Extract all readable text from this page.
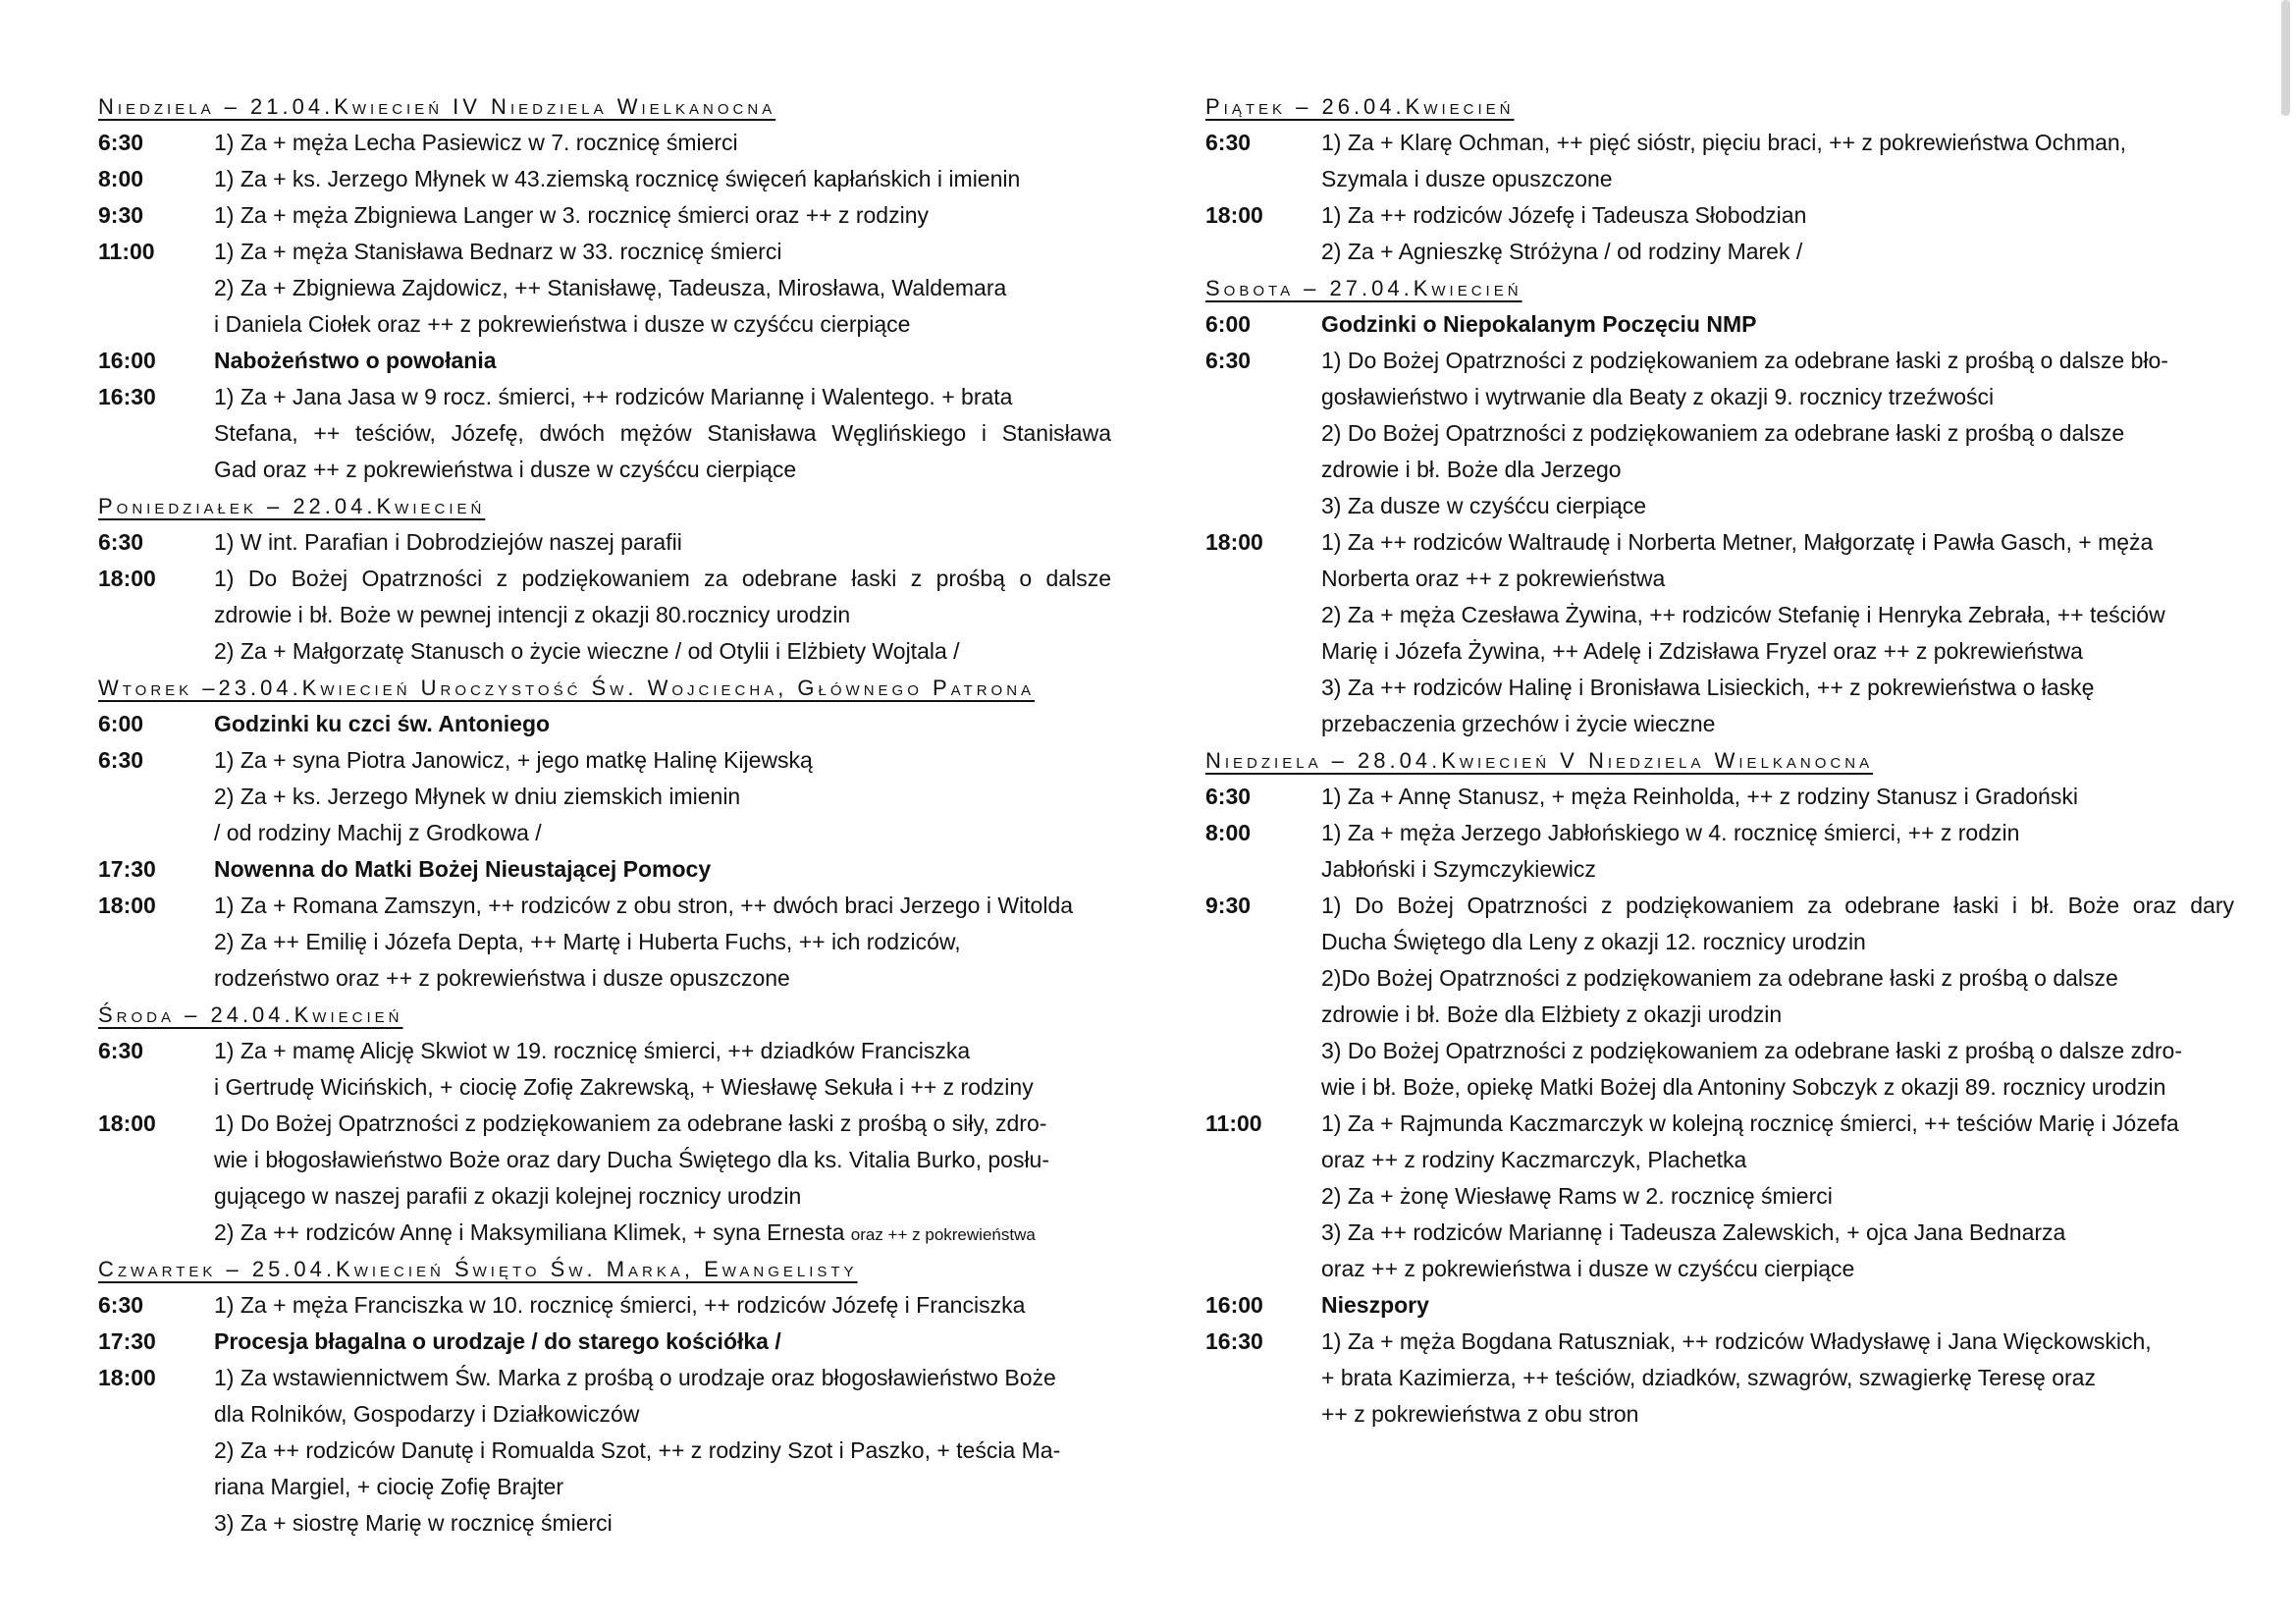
Niedziela – 21.04.Kwiecień IV Niedziela Wielkanocna
6:30	1) Za + męża Lecha Pasiewicz w 7. rocznicę śmierci
8:00	1) Za + ks. Jerzego Młynek w 43.ziemską rocznicę święceń kapłańskich i imienin
9:30	1) Za + męża Zbigniewa Langer w 3. rocznicę śmierci oraz ++ z rodziny
11:00	1) Za + męża Stanisława Bednarz w 33. rocznicę śmierci
2) Za + Zbigniewa Zajdowicz, ++ Stanisławę, Tadeusza, Mirosława, Waldemara
i Daniela Ciołek oraz ++ z pokrewieństwa i dusze w czyśćcu cierpiące
16:00	Nabożeństwo o powołania
16:30	1) Za + Jana Jasa w 9 rocz. śmierci, ++ rodziców Mariannę i Walentego. + brata
Stefana, ++ teściów, Józefę, dwóch mężów Stanisława Węglińskiego i Stanisława
Gad oraz ++ z pokrewieństwa i dusze w czyśćcu cierpiące
Poniedziałek – 22.04.Kwiecień
6:30	1) W int. Parafian i Dobrodziejów naszej parafii
18:00	1) Do Bożej Opatrzności z podziękowaniem za odebrane łaski z prośbą o dalsze
zdrowie i bł. Boże w pewnej intencji z okazji 80.rocznicy urodzin
2) Za + Małgorzatę Stanusch o życie wieczne / od Otylii i Elżbiety Wojtala /
Wtorek –23.04.Kwiecień Uroczystość Św. Wojciecha, Głównego Patrona
6:00	Godzinki ku czci św. Antoniego
6:30	1) Za + syna Piotra Janowicz, + jego matkę Halinę Kijewską
2) Za + ks. Jerzego Młynek w dniu ziemskich imienin
/ od rodziny Machij z Grodkowa /
17:30	Nowenna do Matki Bożej Nieustającej Pomocy
18:00	1) Za + Romana Zamszyn, ++ rodziców z obu stron, ++ dwóch braci Jerzego i Witolda
2) Za ++ Emilię i Józefa Depta, ++ Martę i Huberta Fuchs, ++ ich rodziców,
rodzeństwo oraz ++ z pokrewieństwa i dusze opuszczone
Środa – 24.04.Kwiecień
6:30	1) Za + mamę Alicję Skwiot w 19. rocznicę śmierci, ++ dziadków Franciszka
i Gertrudę Wicińskich, + ciocię Zofię Zakrewską, + Wiesławę Sekuła i ++ z rodziny
18:00	1) Do Bożej Opatrzności z podziękowaniem za odebrane łaski z prośbą o siły, zdro-
wie i błogosławieństwo Boże oraz dary Ducha Świętego dla ks. Vitalia Burko, posłu-
gującego w naszej parafii z okazji kolejnej rocznicy urodzin
2) Za ++ rodziców Annę i Maksymiliana Klimek, + syna Ernesta oraz ++ z pokrewieństwa
Czwartek – 25.04.Kwiecień Święto Św. Marka, Ewangelisty
6:30	1) Za + męża Franciszka w 10. rocznicę śmierci, ++ rodziców Józefę i Franciszka
17:30	Procesja błagalna o urodzaje / do starego kościółka /
18:00	1) Za wstawiennictwem Św. Marka z prośbą o urodzaje oraz błogosławieństwo Boże
dla Rolników, Gospodarzy i Działkowiczów
2) Za ++ rodziców Danutę i Romualda Szot, ++ z rodziny Szot i Paszko, + teścia Ma-
riana Margiel, + ciocię Zofię Brajter
3) Za + siostrę Marię w rocznicę śmierci
Piątek – 26.04.Kwiecień
6:30	1) Za + Klarę Ochman, ++ pięć sióstr, pięciu braci, ++ z pokrewieństwa Ochman,
Szymala i dusze opuszczone
18:00	1) Za ++ rodziców Józefę i Tadeusza Słobodzian
2) Za + Agnieszkę Stróżyna / od rodziny Marek /
Sobota – 27.04.Kwiecień
6:00	Godzinki o Niepokalanym Poczęciu NMP
6:30	1) Do Bożej Opatrzności z podziękowaniem za odebrane łaski z prośbą o dalsze bło-
gosławieństwo i wytrwanie dla Beaty z okazji 9. rocznicy trzeźwości
2) Do Bożej Opatrzności z podziękowaniem za odebrane łaski z prośbą o dalsze
zdrowie i bł. Boże dla Jerzego
3) Za dusze w czyśćcu cierpiące
18:00	1) Za ++ rodziców Waltraudę i Norberta Metner, Małgorzatę i Pawła Gasch, + męża
Norberta oraz ++ z pokrewieństwa
2) Za + męża Czesława Żywina, ++ rodziców Stefanię i Henryka Zebrała, ++ teściów
Marię i Józefa Żywina, ++ Adelę i Zdzisława Fryzel oraz ++ z pokrewieństwa
3) Za ++ rodziców Halinę i Bronisława Lisieckich, ++ z pokrewieństwa o łaskę
przebaczenia grzechów i życie wieczne
Niedziela – 28.04.Kwiecień V Niedziela Wielkanocna
6:30	1) Za + Annę Stanusz, + męża Reinholda, ++ z rodziny Stanusz i Gradoński
8:00	1) Za + męża Jerzego Jabłońskiego w 4. rocznicę śmierci, ++ z rodzin
Jabłoński i Szymczykiewicz
9:30	1) Do Bożej Opatrzności z podziękowaniem za odebrane łaski i bł. Boże oraz dary
Ducha Świętego dla Leny z okazji 12. rocznicy urodzin
2)Do Bożej Opatrzności z podziękowaniem za odebrane łaski z prośbą o dalsze
zdrowie i bł. Boże dla Elżbiety z okazji urodzin
3) Do Bożej Opatrzności z podziękowaniem za odebrane łaski z prośbą o dalsze zdro-
wie i bł. Boże, opiekę Matki Bożej dla Antoniny Sobczyk z okazji 89. rocznicy urodzin
11:00	1) Za + Rajmunda Kaczmarczyk w kolejną rocznicę śmierci, ++ teściów Marię i Józefa
oraz ++ z rodziny Kaczmarczyk, Plachetka
2) Za + żonę Wiesławę Rams w 2. rocznicę śmierci
3) Za ++ rodziców Mariannę i Tadeusza Zalewskich, + ojca Jana Bednarza
oraz ++ z pokrewieństwa i dusze w czyśćcu cierpiące
16:00	Nieszpory
16:30	1) Za + męża Bogdana Ratuszniak, ++ rodziców Władysławę i Jana Więckowskich,
+ brata Kazimierza, ++ teściów, dziadków, szwagrów, szwagierkę Teresę oraz
++ z pokrewieństwa z obu stron
